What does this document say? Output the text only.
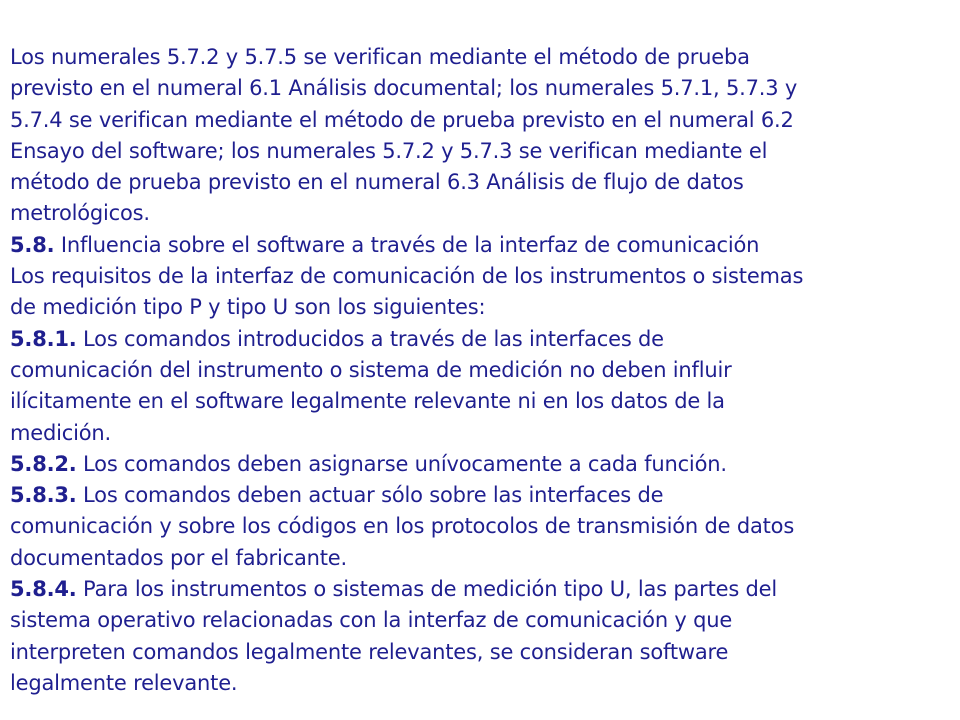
Los numerales 5.7.2 y 5.7.5 se verifican mediante el método de prueba
previsto en el numeral 6.1 Análisis documental; los numerales 5.7.1, 5.7.3 y
5.7.4 se verifican mediante el método de prueba previsto en el numeral 6.2
Ensayo del software; los numerales 5.7.2 y 5.7.3 se verifican mediante el
método de prueba previsto en el numeral 6.3 Análisis de flujo de datos
metrológicos.
5.8. Influencia sobre el software a través de la interfaz de comunicación
Los requisitos de la interfaz de comunicación de los instrumentos o sistemas
de medición tipo P y tipo U son los siguientes:
5.8.1. Los comandos introducidos a través de las interfaces de
comunicación del instrumento o sistema de medición no deben influir
ilícitamente en el software legalmente relevante ni en los datos de la
medición.
5.8.2. Los comandos deben asignarse unívocamente a cada función.
5.8.3. Los comandos deben actuar sólo sobre las interfaces de
comunicación y sobre los códigos en los protocolos de transmisión de datos
documentados por el fabricante.
5.8.4. Para los instrumentos o sistemas de medición tipo U, las partes del
sistema operativo relacionadas con la interfaz de comunicación y que
interpreten comandos legalmente relevantes, se consideran software
legalmente relevante.
